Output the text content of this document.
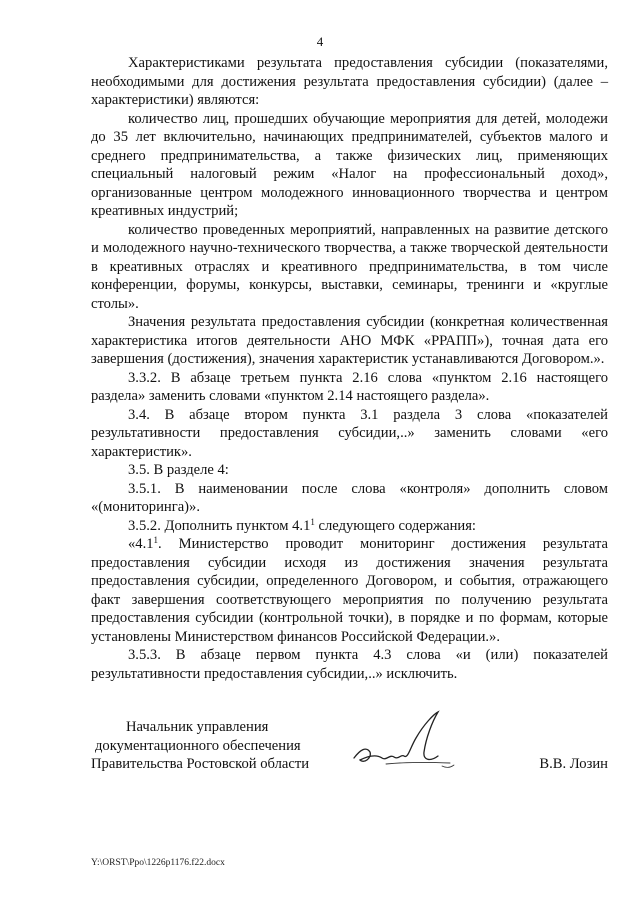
4

Характеристиками результата предоставления субсидии (показателями, необходимыми для достижения результата предоставления субсидии) (далее – характеристики) являются:

количество лиц, прошедших обучающие мероприятия для детей, молодежи до 35 лет включительно, начинающих предпринимателей, субъектов малого и среднего предпринимательства, а также физических лиц, применяющих специальный налоговый режим «Налог на профессиональный доход», организованные центром молодежного инновационного творчества и центром креативных индустрий;

количество проведенных мероприятий, направленных на развитие детского и молодежного научно-технического творчества, а также творческой деятельности в креативных отраслях и креативного предпринимательства, в том числе конференции, форумы, конкурсы, выставки, семинары, тренинги и «круглые столы».

Значения результата предоставления субсидии (конкретная количественная характеристика итогов деятельности АНО МФК «РРАПП»), точная дата его завершения (достижения), значения характеристик устанавливаются Договором.».

3.3.2. В абзаце третьем пункта 2.16 слова «пунктом 2.16 настоящего раздела» заменить словами «пунктом 2.14 настоящего раздела».

3.4. В абзаце втором пункта 3.1 раздела 3 слова «показателей результативности предоставления субсидии,..» заменить словами «его характеристик».

3.5. В разделе 4:

3.5.1. В наименовании после слова «контроля» дополнить словом «(мониторинга)».

3.5.2. Дополнить пунктом $4.1^1$ следующего содержания:

«$4.1^1$. Министерство проводит мониторинг достижения результата предоставления субсидии исходя из достижения значения результата предоставления субсидии, определенного Договором, и события, отражающего факт завершения соответствующего мероприятия по получению результата предоставления субсидии (контрольной точки), в порядке и по формам, которые установлены Министерством финансов Российской Федерации.».

3.5.3. В абзаце первом пункта 4.3 слова «и (или) показателей результативности предоставления субсидии,..» исключить.

Начальник управления
документационного обеспечения
Правительства Ростовской области	В.В. Лозин
Y:\ORST\Ppo\1226p1176.f22.docx
